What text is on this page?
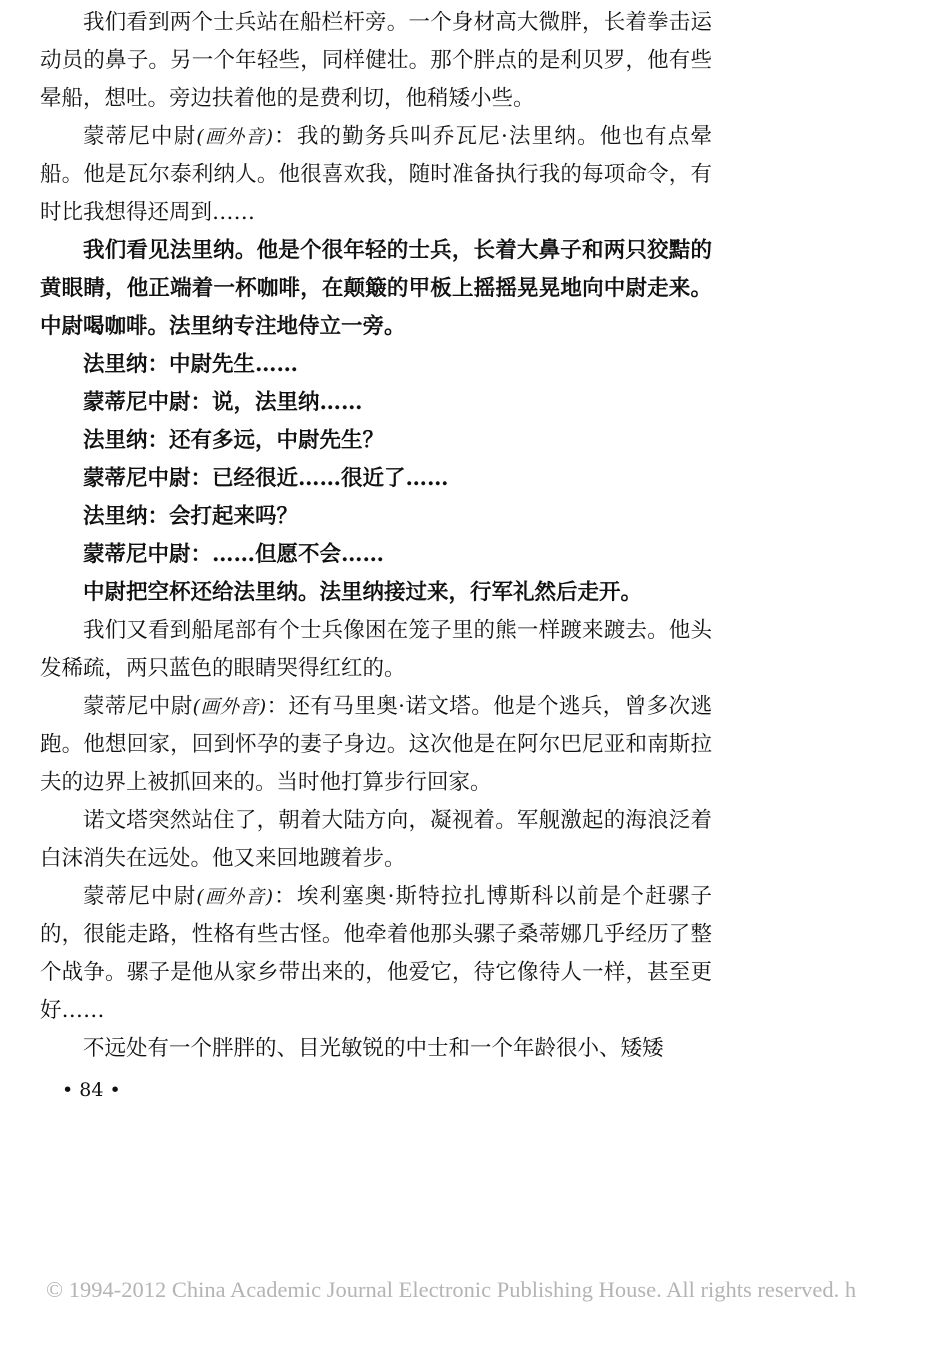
我们看到两个士兵站在船栏杆旁。一个身材高大微胖，长着拳击运动员的鼻子。另一个年轻些，同样健壮。那个胖点的是利贝罗，他有些晕船，想吐。旁边扶着他的是费利切，他稍矮小些。

蒙蒂尼中尉(画外音)：我的勤务兵叫乔瓦尼·法里纳。他也有点晕船。他是瓦尔泰利纳人。他很喜欢我，随时准备执行我的每项命令，有时比我想得还周到……

我们看见法里纳。他是个很年轻的士兵，长着大鼻子和两只狡黠的黄眼睛，他正端着一杯咖啡，在颠簸的甲板上摇摇晃晃地向中尉走来。中尉喝咖啡。法里纳专注地侍立一旁。

法里纳：中尉先生……

蒙蒂尼中尉：说，法里纳……

法里纳：还有多远，中尉先生？

蒙蒂尼中尉：已经很近……很近了……

法里纳：会打起来吗？

蒙蒂尼中尉：……但愿不会……

中尉把空杯还给法里纳。法里纳接过来，行军礼然后走开。

我们又看到船尾部有个士兵像困在笼子里的熊一样踱来踱去。他头发稀疏，两只蓝色的眼睛哭得红红的。

蒙蒂尼中尉(画外音)：还有马里奥·诺文塔。他是个逃兵，曾多次逃跑。他想回家，回到怀孕的妻子身边。这次他是在阿尔巴尼亚和南斯拉夫的边界上被抓回来的。当时他打算步行回家。

诺文塔突然站住了，朝着大陆方向，凝视着。军舰激起的海浪泛着白沫消失在远处。他又来回地踱着步。

蒙蒂尼中尉(画外音)：埃利塞奥·斯特拉扎博斯科以前是个赶骡子的，很能走路，性格有些古怪。他牵着他那头骡子桑蒂娜几乎经历了整个战争。骡子是他从家乡带出来的，他爱它，待它像待人一样，甚至更好……

不远处有一个胖胖的、目光敏锐的中士和一个年龄很小、矮矮

• 84 •
© 1994-2012 China Academic Journal Electronic Publishing House. All rights reserved. h
